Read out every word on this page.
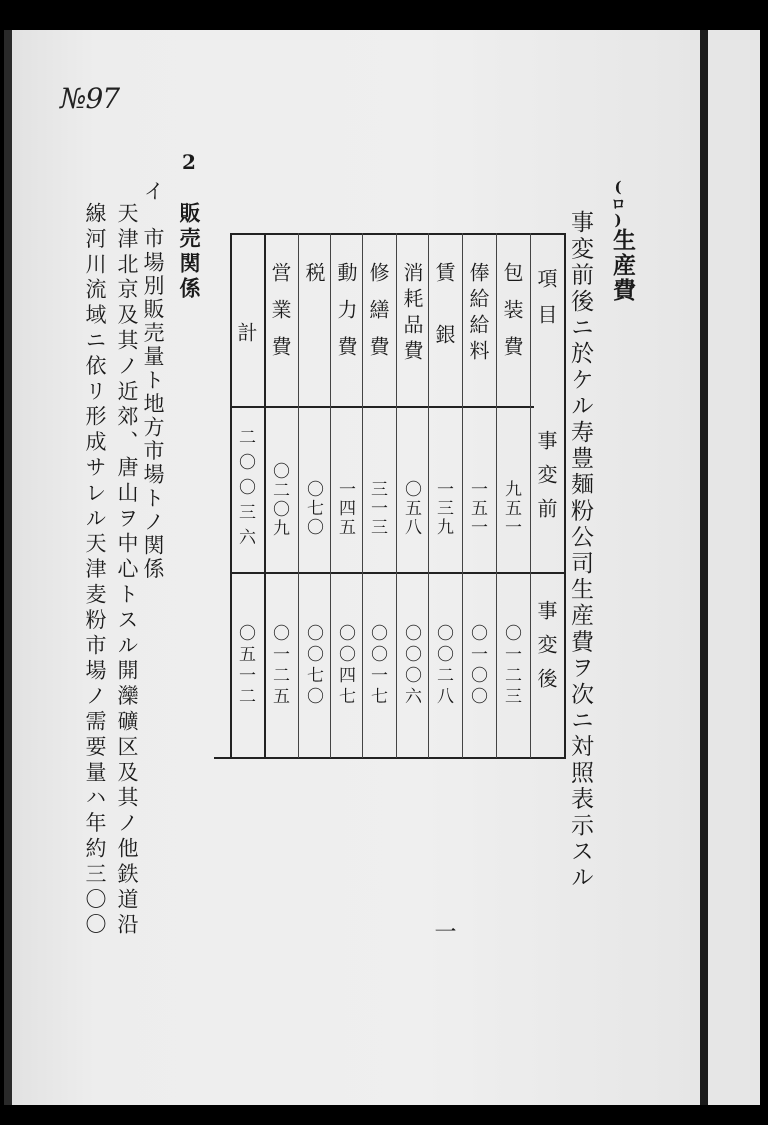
№97
(ロ)
生産費
事変前後ニ於ケル寿豊麺粉公司生産費ヲ次ニ対照表示スル
一
項目
事変前
事変後
包装費
九五一
〇一二三
俸給給料
一五一
〇一〇〇
賃銀
一三九
〇〇二八
消耗品費
〇五八
〇〇〇六
修繕費
三一三
〇〇一七
動力費
一四五
〇〇四七
税
〇七〇
〇〇七〇
営業費
〇二〇九
〇一二五
計
二〇〇三六
〇五一二
2
販売関係
イ　市場別販売量ト地方市場トノ関係
天津北京及其ノ近郊、唐山ヲ中心トスル開灤礦区及其ノ他鉄道沿
線河川流域ニ依リ形成サレル天津麦粉市場ノ需要量ハ年約三〇〇
